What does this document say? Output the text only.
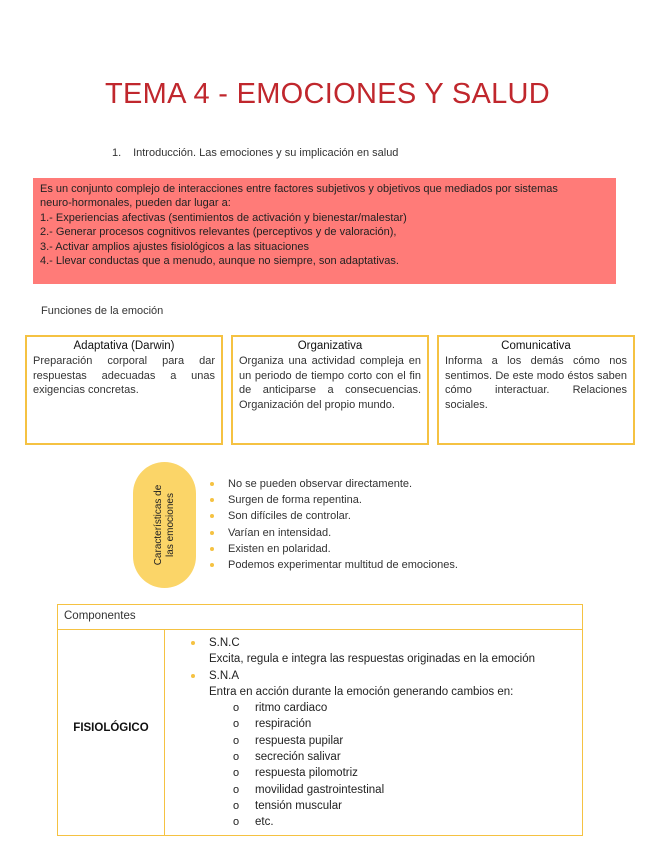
TEMA 4 - EMOCIONES Y SALUD
1. Introducción. Las emociones y su implicación en salud
Es un conjunto complejo de interacciones entre factores subjetivos y objetivos que mediados por sistemas
neuro-hormonales, pueden dar lugar a:
1.- Experiencias afectivas (sentimientos de activación y bienestar/malestar)
2.- Generar procesos cognitivos relevantes (perceptivos y de valoración),
3.- Activar amplios ajustes fisiológicos a las situaciones
4.- Llevar conductas que a menudo, aunque no siempre, son adaptativas.
Funciones de la emoción
Adaptativa (Darwin)
Preparación corporal para dar respuestas adecuadas a unas exigencias concretas.
Organizativa
Organiza una actividad compleja en un periodo de tiempo corto con el fin de anticiparse a consecuencias. Organización del propio mundo.
Comunicativa
Informa a los demás cómo nos sentimos. De este modo éstos saben cómo interactuar. Relaciones sociales.
Características de las emociones
No se pueden observar directamente.
Surgen de forma repentina.
Son difíciles de controlar.
Varían en intensidad.
Existen en polaridad.
Podemos experimentar multitud de emociones.
Componentes
FISIOLÓGICO
S.N.C
Excita, regula e integra las respuestas originadas en la emoción
S.N.A
Entra en acción durante la emoción generando cambios en:
o ritmo cardiaco
o respiración
o respuesta pupilar
o secreción salivar
o respuesta pilomotriz
o movilidad gastrointestinal
o tensión muscular
o etc.
